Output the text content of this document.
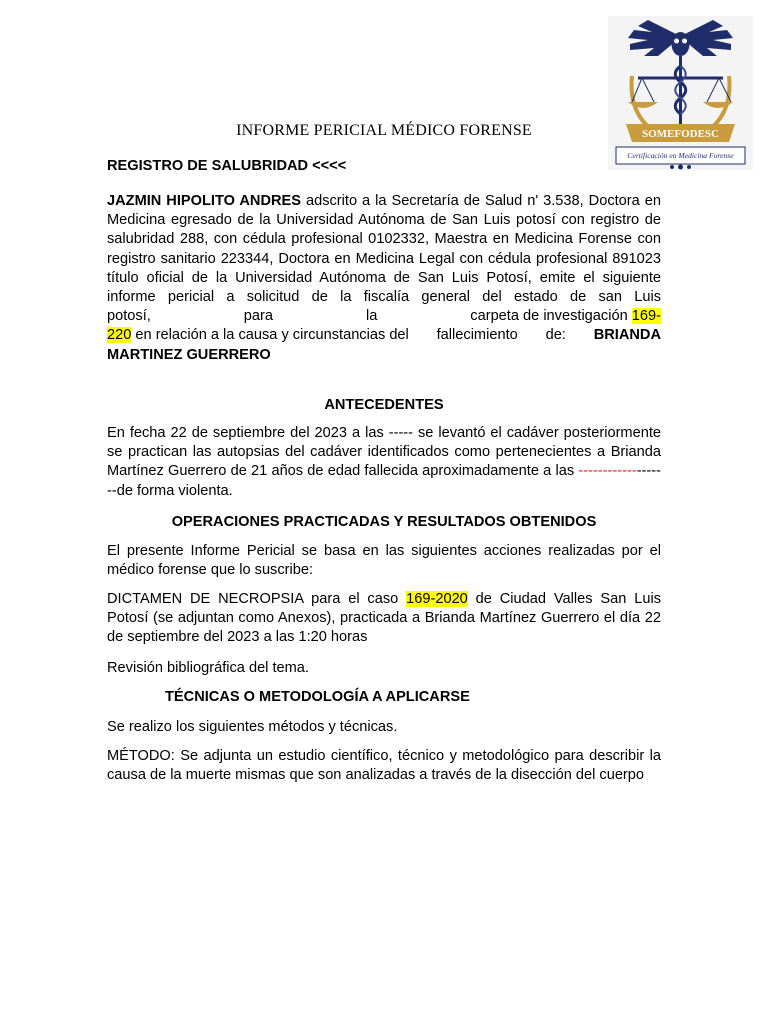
SOMEFODESC
Certificación en Medicina Forense
INFORME PERICIAL MÉDICO FORENSE
REGISTRO DE SALUBRIDAD <<<<
JAZMIN HIPOLITO ANDRES adscrito a la Secretaría de Salud n' 3.538, Doctora en Medicina egresado de la Universidad Autónoma de San Luis potosí con registro de salubridad 288, con cédula profesional 0102332, Maestra en Medicina Forense con registro sanitario 223344, Doctora en Medicina Legal con cédula profesional 891023 título oficial de la Universidad Autónoma de San Luis Potosí, emite el siguiente informe pericial a solicitud de la fiscalía general del estado de san Luis
potosí,	para	la	carpeta de investigación 169-
220 en relación a la causa y circunstancias del fallecimiento de: BRIANDA
MARTINEZ GUERRERO
ANTECEDENTES
En fecha 22 de septiembre del 2023 a las ----- se levantó el cadáver posteriormente se practican las autopsias del cadáver identificados como pertenecientes a Brianda Martínez Guerrero de 21 años de edad fallecida aproximadamente a las -------------------de forma violenta.
OPERACIONES PRACTICADAS Y RESULTADOS OBTENIDOS
El presente Informe Pericial se basa en las siguientes acciones realizadas por el médico forense que lo suscribe:
DICTAMEN DE NECROPSIA para el caso 169-2020 de Ciudad Valles San Luis Potosí (se adjuntan como Anexos), practicada a Brianda Martínez Guerrero el día 22 de septiembre del 2023 a las 1:20 horas
Revisión bibliográfica del tema.
TÉCNICAS O METODOLOGÍA A APLICARSE
Se realizo los siguientes métodos y técnicas.
MÉTODO: Se adjunta un estudio científico, técnico y metodológico para describir la causa de la muerte mismas que son analizadas a través de la disección del cuerpo
